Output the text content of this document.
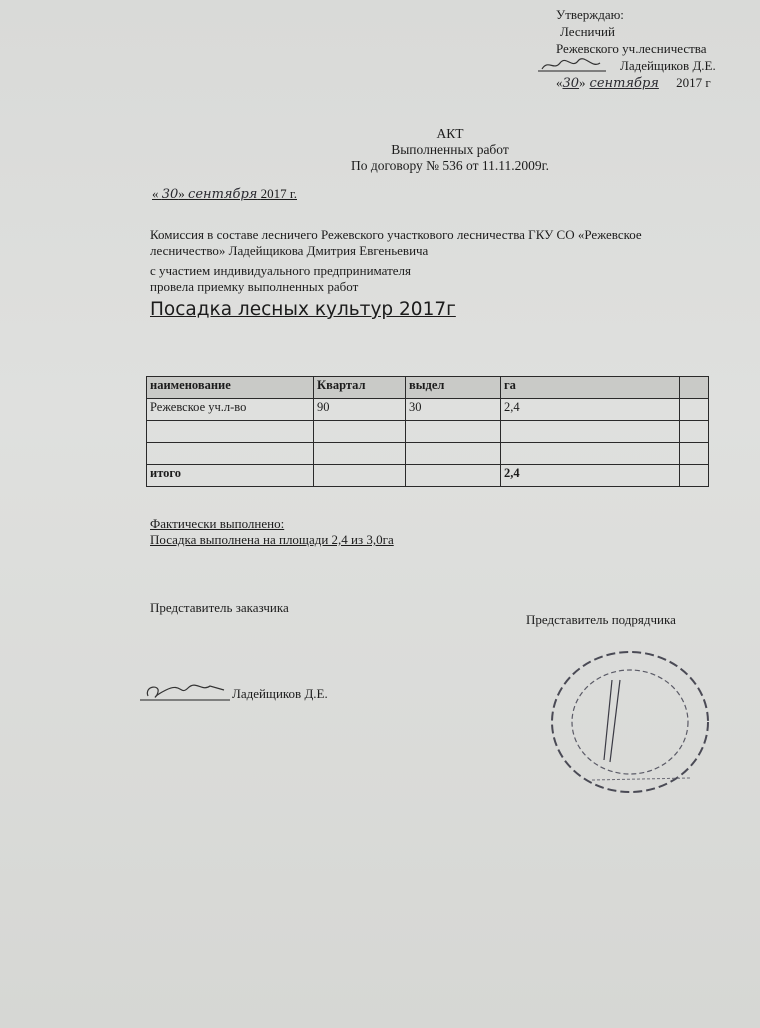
Утверждаю:
Лесничий
Режевского уч.лесничества
Ладейщиков Д.Е.
«30» сентября 2017 г
АКТ
Выполненных работ
По договору № 536 от 11.11.2009г.
« 30» сентября 2017 г.
Комиссия в составе лесничего Режевского участкового лесничества ГКУ СО «Режевское
лесничество» Ладейщикова Дмитрия Евгеньевича
с участием индивидуального предпринимателя
провела приемку выполненных работ
Посадка лесных культур 2017г
наименование	Квартал	выдел	га	
Режевское уч.л-во	90	30	2,4	

итого			2,4	
Фактически выполнено:
Посадка выполнена на площади 2,4 из 3,0га
Представитель заказчика
Представитель подрядчика
Ладейщиков Д.Е.
